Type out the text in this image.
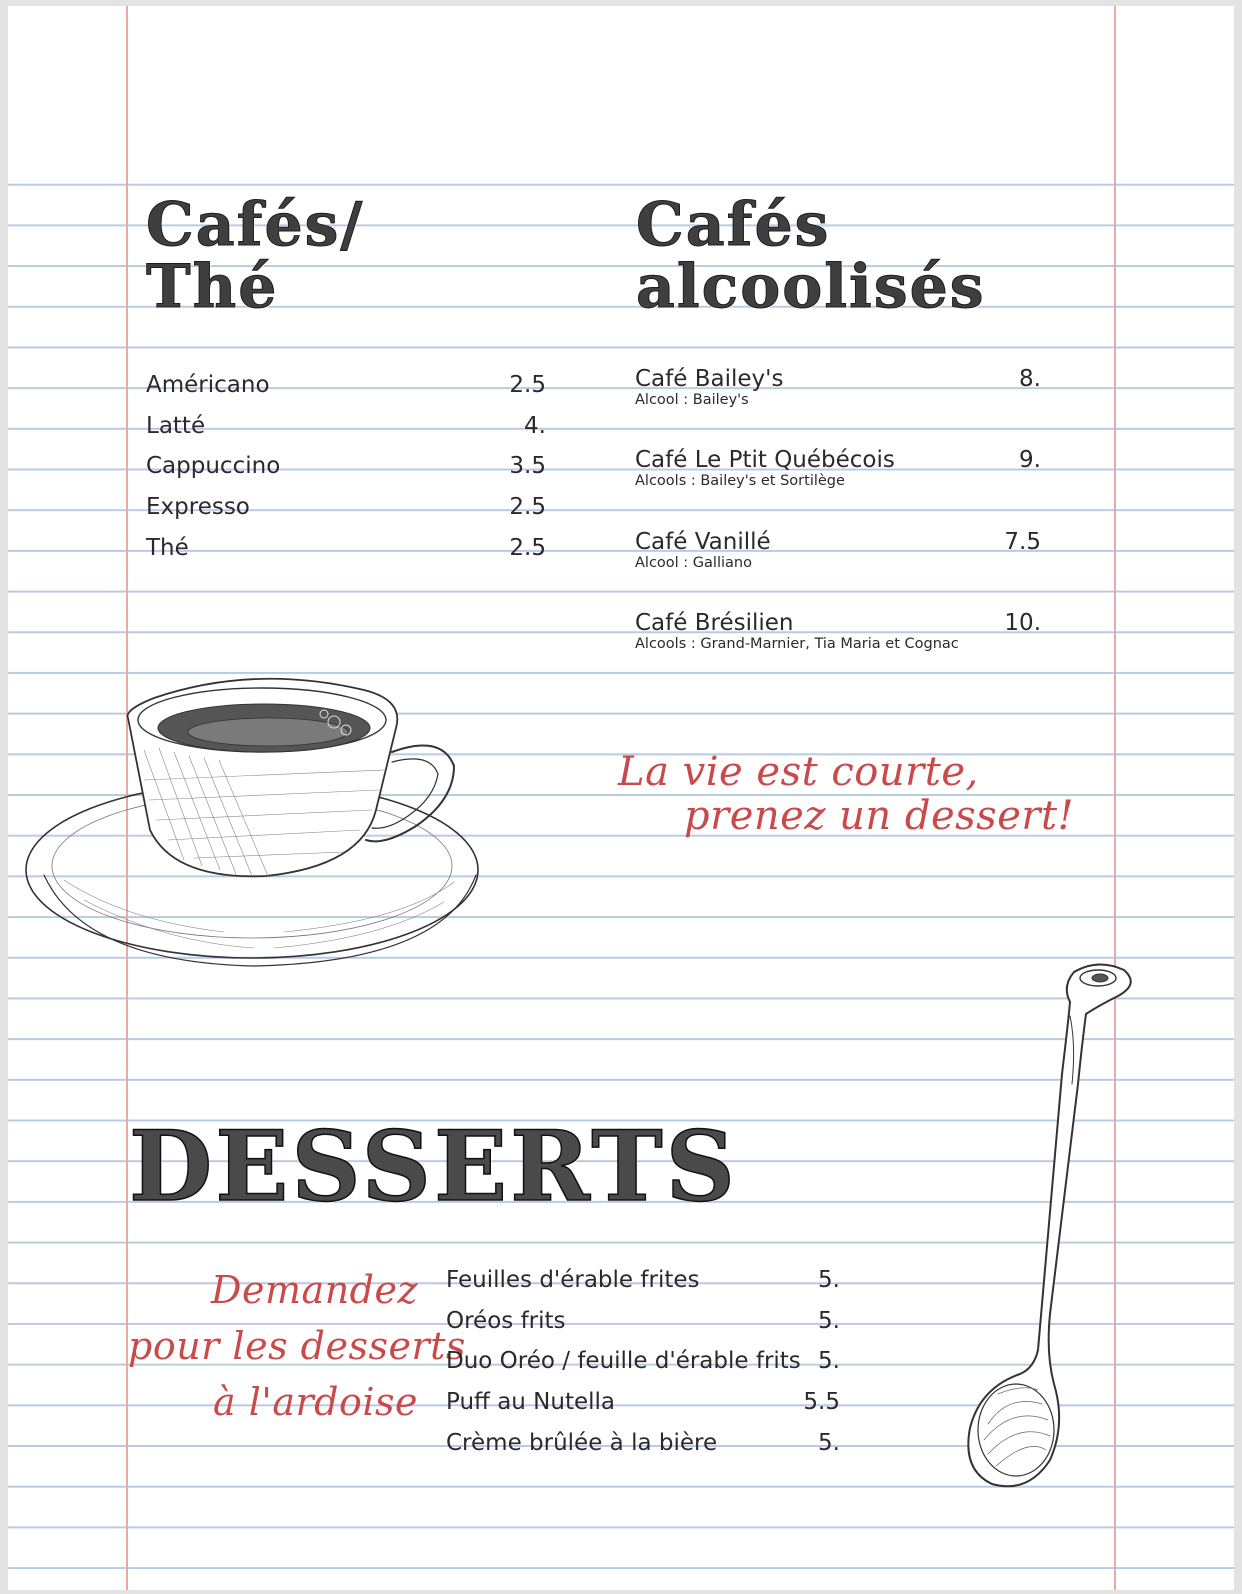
Cafés/
Thé
Américano	2.5
Latté	4.
Cappuccino	3.5
Expresso	2.5
Thé	2.5
Cafés
alcoolisés
Café Bailey's	8.
Alcool : Bailey's
Café Le Ptit Québécois	9.
Alcools : Bailey's et Sortilège
Café Vanillé	7.5
Alcool : Galliano
Café Brésilien	10.
Alcools : Grand-Marnier, Tia Maria et Cognac

La vie est courte,
prenez un dessert!

DESSERTS

Demandez
pour les desserts
à l'ardoise

Feuilles d'érable frites	5.
Oréos frits	5.
Duo Oréo / feuille d'érable frits 5.
Puff au Nutella	5.5
Crème brûlée à la bière	5.
